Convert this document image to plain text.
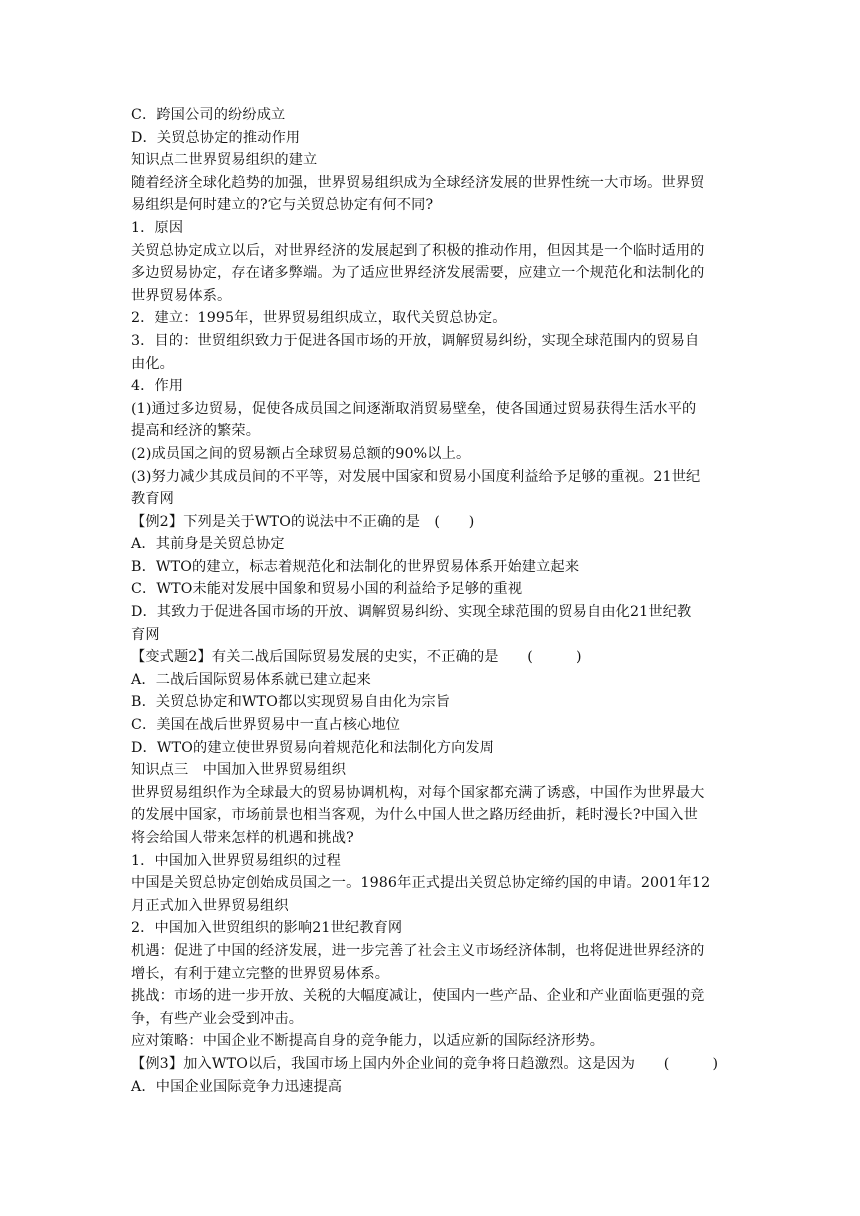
C．跨国公司的纷纷成立
D．关贸总协定的推动作用
知识点二世界贸易组织的建立
随着经济全球化趋势的加强，世界贸易组织成为全球经济发展的世界性统一大市场。世界贸
易组织是何时建立的?它与关贸总协定有何不同?
1．原因
关贸总协定成立以后，对世界经济的发展起到了积极的推动作用，但因其是一个临时适用的
多边贸易协定，存在诸多弊端。为了适应世界经济发展需要，应建立一个规范化和法制化的
世界贸易体系。
2．建立：1995年，世界贸易组织成立，取代关贸总协定。
3．目的：世贸组织致力于促进各国市场的开放，调解贸易纠纷，实现全球范围内的贸易自
由化。
4．作用
(1)通过多边贸易，促使各成员国之间逐渐取消贸易壁垒，使各国通过贸易获得生活水平的
提高和经济的繁荣。
(2)成员国之间的贸易额占全球贸易总额的90%以上。
(3)努力减少其成员间的不平等，对发展中国家和贸易小国度利益给予足够的重视。21世纪
教育网
【例2】下列是关于WTO的说法中不正确的是　(　　)
A．其前身是关贸总协定
B．WTO的建立，标志着规范化和法制化的世界贸易体系开始建立起来
C．WTO未能对发展中国象和贸易小国的利益给予足够的重视
D．其致力于促进各国市场的开放、调解贸易纠纷、实现全球范围的贸易自由化21世纪教
育网
【变式题2】有关二战后国际贸易发展的史实，不正确的是　　(　　　)
A．二战后国际贸易体系就已建立起来
B．关贸总协定和WTO都以实现贸易自由化为宗旨
C．美国在战后世界贸易中一直占核心地位
D．WTO的建立使世界贸易向着规范化和法制化方向发周
知识点三　中国加入世界贸易组织
世界贸易组织作为全球最大的贸易协调机构，对每个国家都充满了诱惑，中国作为世界最大
的发展中国家，市场前景也相当客观，为什么中国人世之路历经曲折，耗时漫长?中国入世
将会给国人带来怎样的机遇和挑战?
1．中国加入世界贸易组织的过程
中国是关贸总协定创始成员国之一。1986年正式提出关贸总协定缔约国的申请。2001年12
月正式加入世界贸易组织
2．中国加入世贸组织的影响21世纪教育网
机遇：促进了中国的经济发展，进一步完善了社会主义市场经济体制，也将促进世界经济的
增长，有利于建立完整的世界贸易体系。
挑战：市场的进一步开放、关税的大幅度减让，使国内一些产品、企业和产业面临更强的竞
争，有些产业会受到冲击。
应对策略：中国企业不断提高自身的竞争能力，以适应新的国际经济形势。
【例3】加入WTO以后，我国市场上国内外企业间的竞争将日趋激烈。这是因为　　(　　　)
A．中国企业国际竞争力迅速提高
